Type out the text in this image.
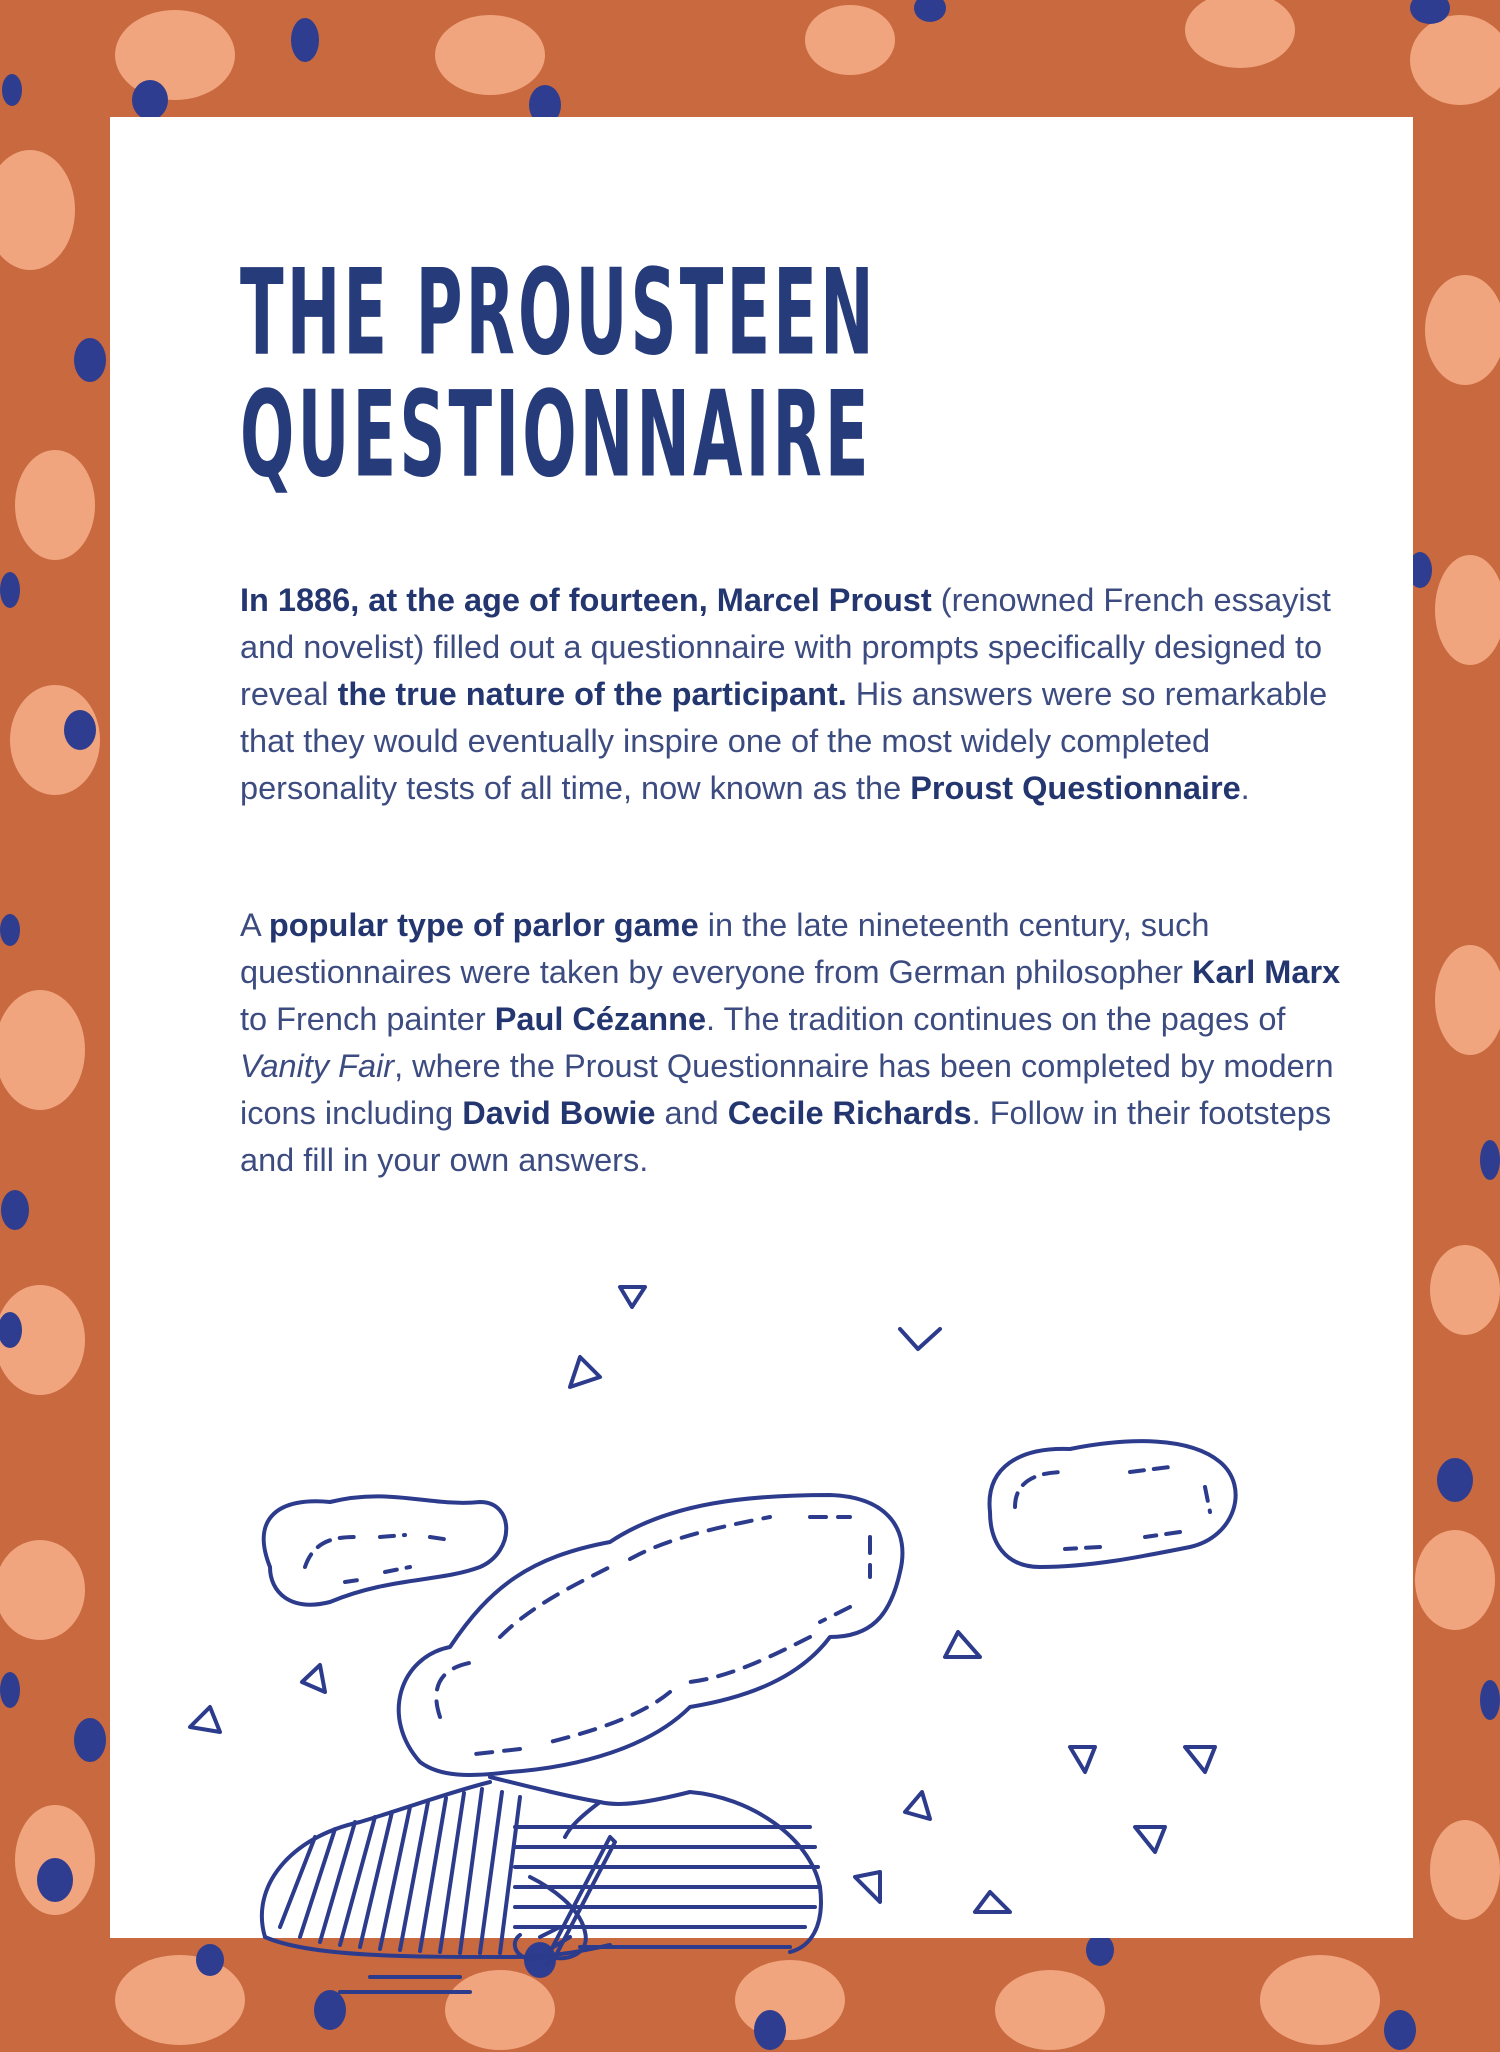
THE PROUSTEEN
QUESTIONNAIRE

In 1886, at the age of fourteen, Marcel Proust (renowned French essayist and novelist) filled out a questionnaire with prompts specifically designed to reveal the true nature of the participant. His answers were so remarkable that they would eventually inspire one of the most widely completed personality tests of all time, now known as the Proust Questionnaire.

A popular type of parlor game in the late nineteenth century, such questionnaires were taken by everyone from German philosopher Karl Marx to French painter Paul Cézanne. The tradition continues on the pages of Vanity Fair, where the Proust Questionnaire has been completed by modern icons including David Bowie and Cecile Richards. Follow in their footsteps and fill in your own answers.
